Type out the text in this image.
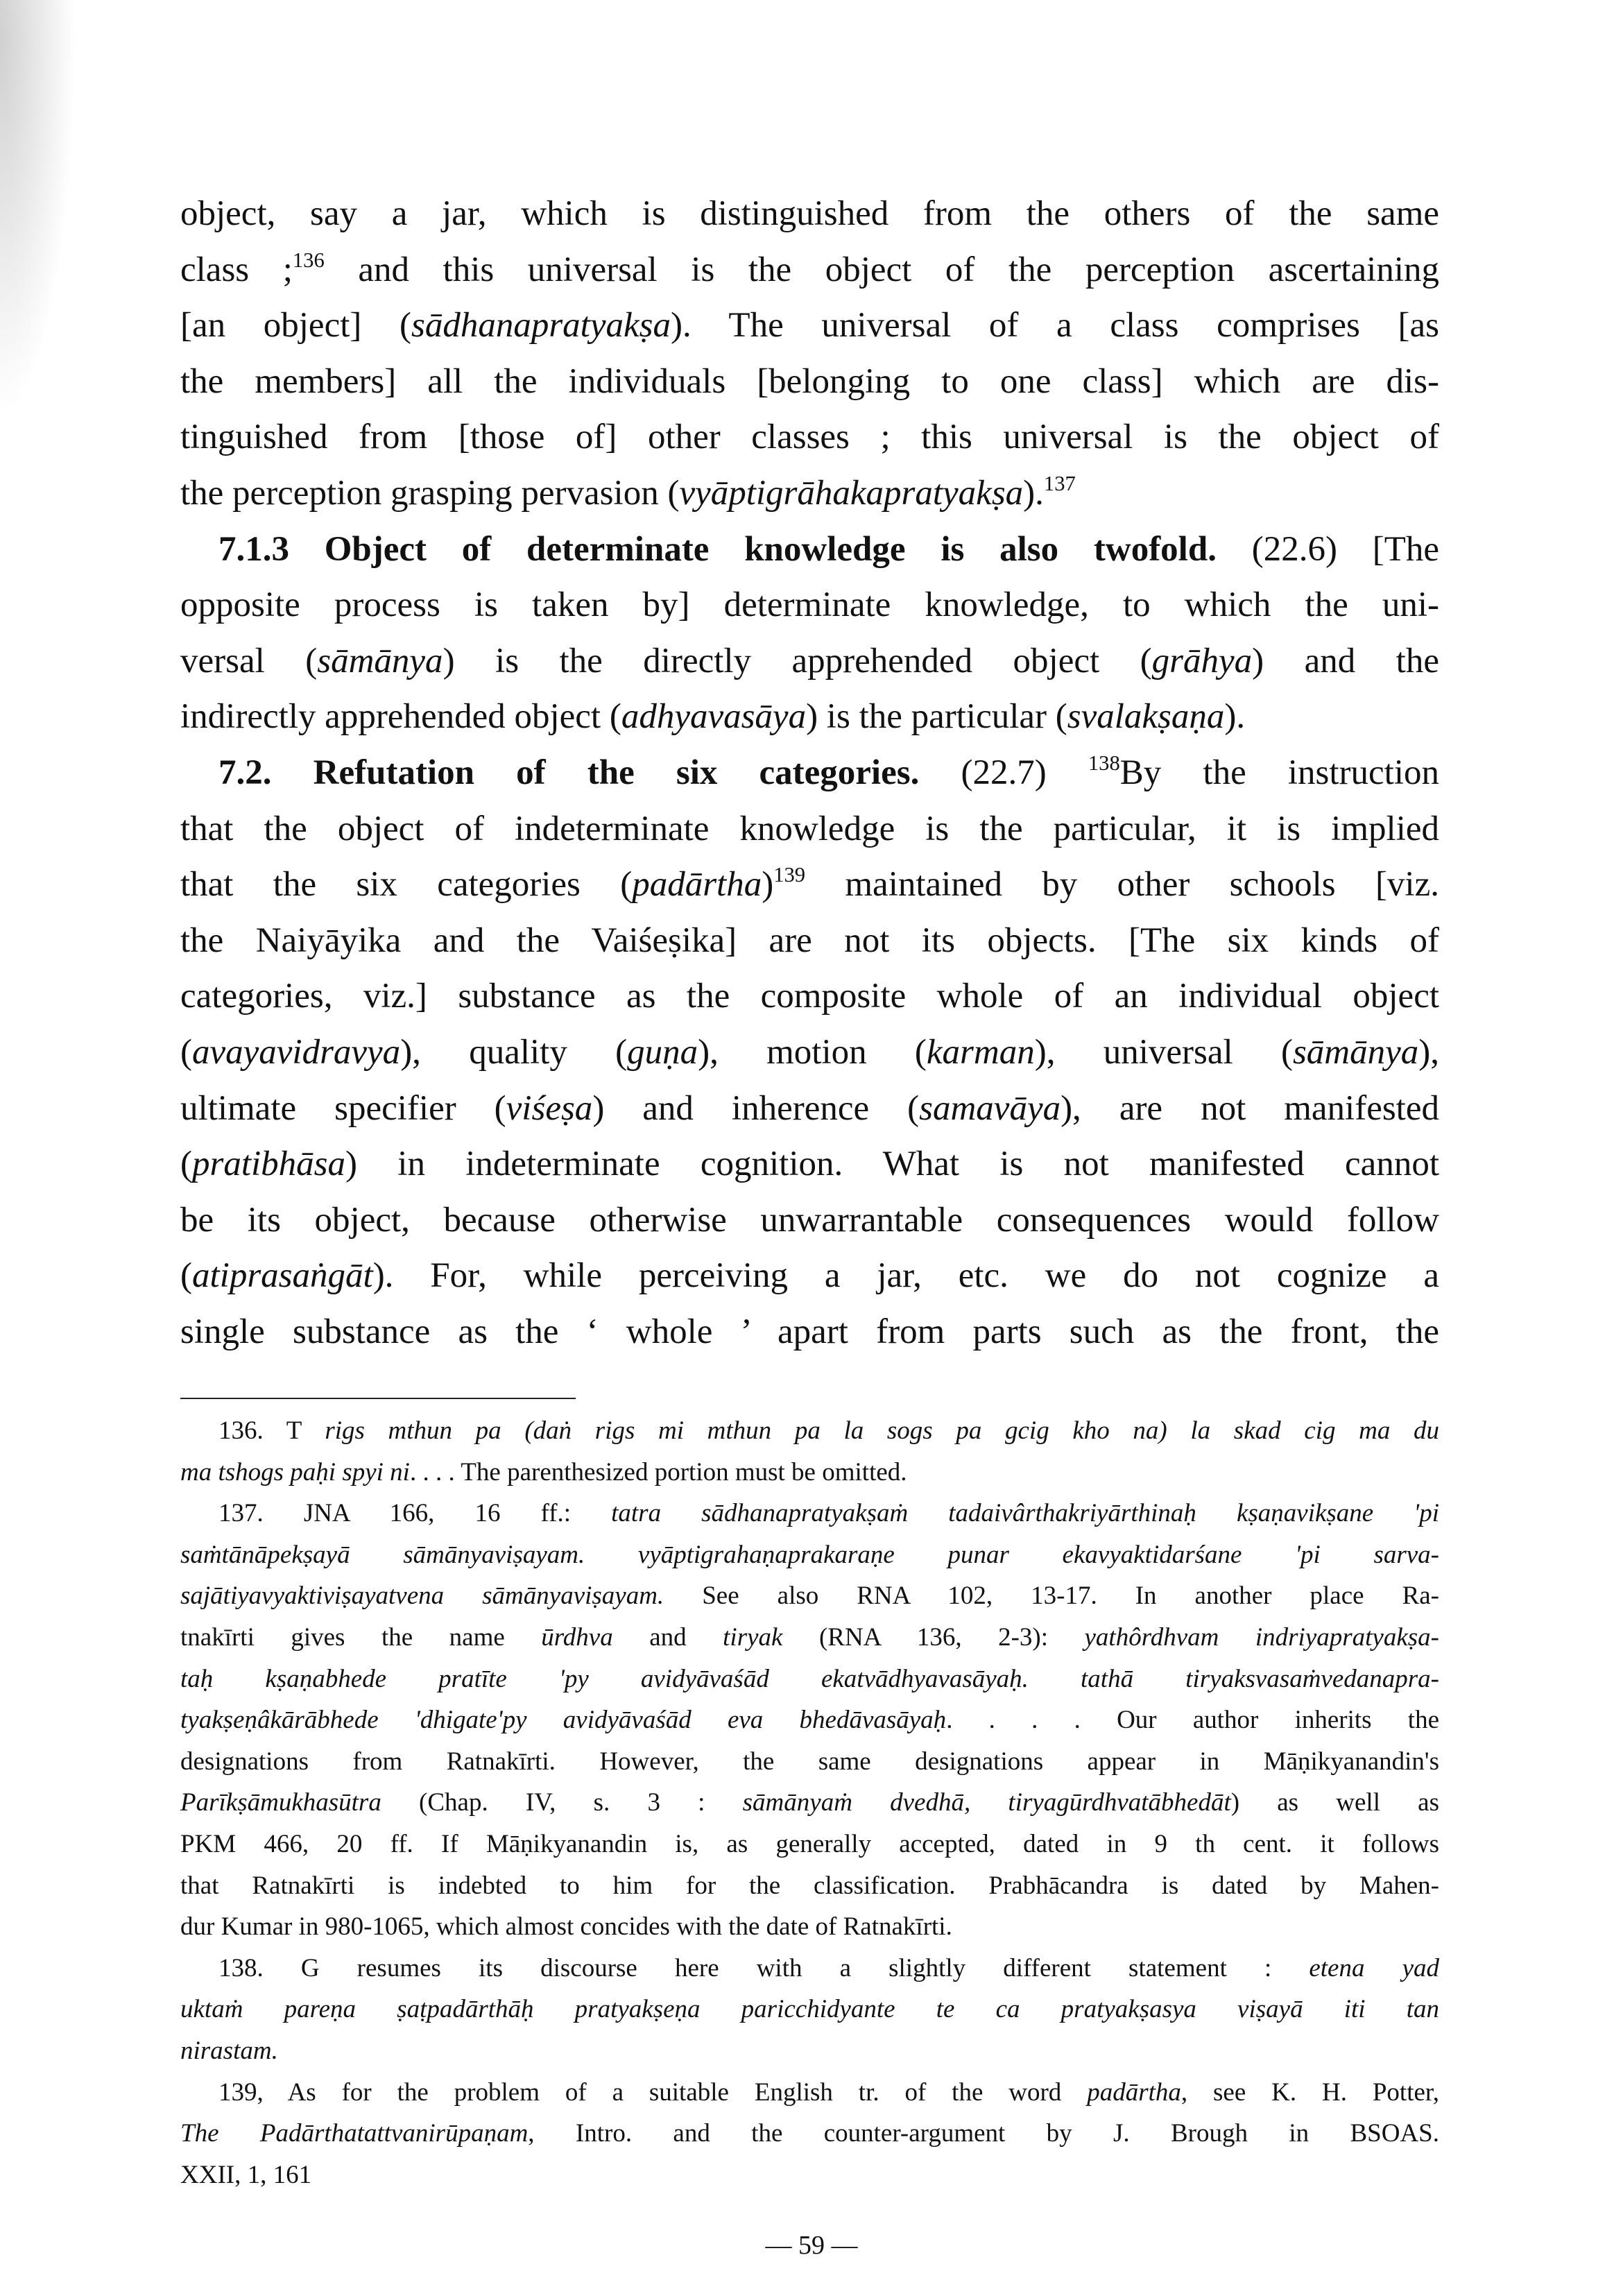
object, say a jar, which is distinguished from the others of the same
class ;$^{136}$ and this universal is the object of the perception ascertaining
[an object] (sādhanapratyakṣa). The universal of a class comprises [as
the members] all the individuals [belonging to one class] which are dis-
tinguished from [those of] other classes ; this universal is the object of
the perception grasping pervasion (vyāptigrāhakapratyakṣa).$^{137}$
7.1.3 Object of determinate knowledge is also twofold. (22.6) [The
opposite process is taken by] determinate knowledge, to which the uni-
versal (sāmānya) is the directly apprehended object (grāhya) and the
indirectly apprehended object (adhyavasāya) is the particular (svalakṣaṇa).
7.2. Refutation of the six categories. (22.7) $^{138}$By the instruction
that the object of indeterminate knowledge is the particular, it is implied
that the six categories (padārtha)$^{139}$ maintained by other schools [viz.
the Naiyāyika and the Vaiśeṣika] are not its objects. [The six kinds of
categories, viz.] substance as the composite whole of an individual object
(avayavidravya), quality (guṇa), motion (karman), universal (sāmānya),
ultimate specifier (viśeṣa) and inherence (samavāya), are not manifested
(pratibhāsa) in indeterminate cognition. What is not manifested cannot
be its object, because otherwise unwarrantable consequences would follow
(atiprasaṅgāt). For, while perceiving a jar, etc. we do not cognize a
single substance as the ‘ whole ’ apart from parts such as the front, the
136. T rigs mthun pa (daṅ rigs mi mthun pa la sogs pa gcig kho na) la skad cig ma du
ma tshogs paḥi spyi ni. . . . The parenthesized portion must be omitted.
137. JNA 166, 16 ff.: tatra sādhanapratyakṣaṁ tadaivârthakriyārthinaḥ kṣaṇavikṣane 'pi
saṁtānāpekṣayā sāmānyaviṣayam. vyāptigrahaṇaprakaraṇe punar ekavyaktidarśane 'pi sarva-
sajātiyavyaktiviṣayatvena sāmānyaviṣayam. See also RNA 102, 13-17. In another place Ra-
tnakīrti gives the name ūrdhva and tiryak (RNA 136, 2-3): yathôrdhvam indriyapratyakṣa-
taḥ kṣaṇabhede pratīte 'py avidyāvaśād ekatvādhyavasāyaḥ. tathā tiryaksvasaṁvedanapra-
tyakṣeṇâkārābhede 'dhigate'py avidyāvaśād eva bhedāvasāyaḥ. . . . Our author inherits the
designations from Ratnakīrti. However, the same designations appear in Māṇikyanandin's
Parīkṣāmukhasūtra (Chap. IV, s. 3 : sāmānyaṁ dvedhā, tiryagūrdhvatābhedāt) as well as
PKM 466, 20 ff. If Māṇikyanandin is, as generally accepted, dated in 9 th cent. it follows
that Ratnakīrti is indebted to him for the classification. Prabhācandra is dated by Mahen-
dur Kumar in 980-1065, which almost concides with the date of Ratnakīrti.
138. G resumes its discourse here with a slightly different statement : etena yad
uktaṁ pareṇa ṣaṭpadārthāḥ pratyakṣeṇa paricchidyante te ca pratyakṣasya viṣayā iti tan
nirastam.
139, As for the problem of a suitable English tr. of the word padārtha, see K. H. Potter,
The Padārthatattvanirūpaṇam, Intro. and the counter-argument by J. Brough in BSOAS.
XXII, 1, 161
— 59 —
